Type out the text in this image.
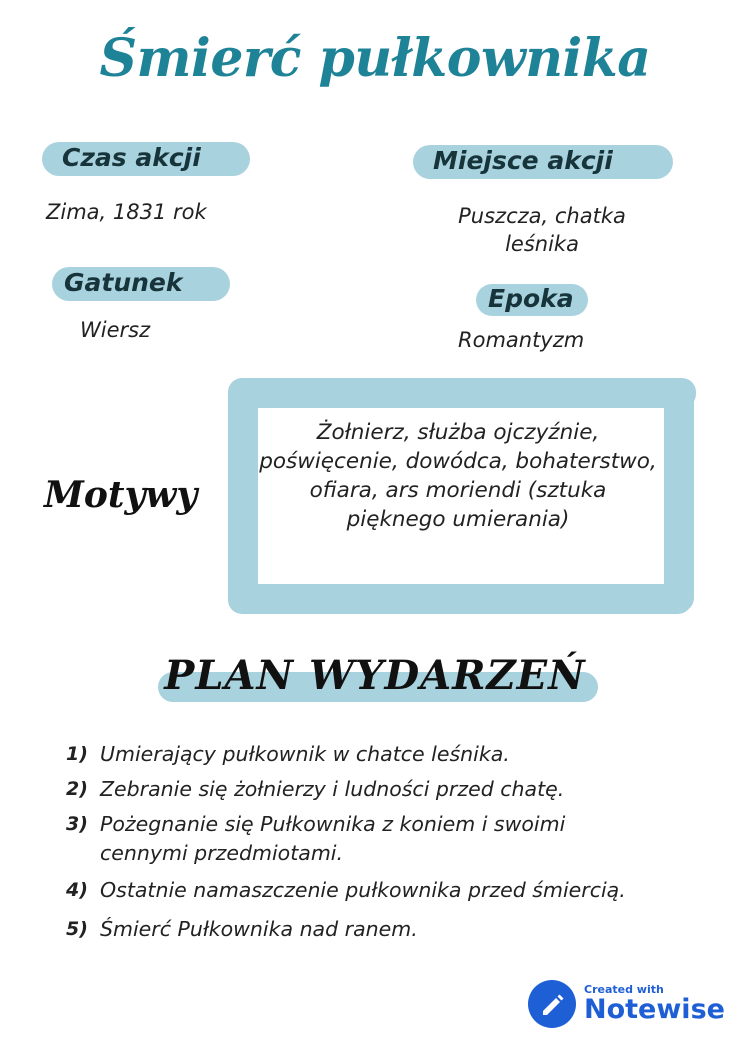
Śmierć pułkownika
Czas akcji
Zima, 1831 rok
Miejsce akcji
Puszcza, chatka leśnika
Gatunek
Wiersz
Epoka
Romantyzm
Motywy
Żołnierz, służba ojczyźnie, poświęcenie, dowódca, bohaterstwo, ofiara, ars moriendi (sztuka pięknego umierania)
PLAN WYDARZEŃ
1) Umierający pułkownik w chatce leśnika.
2) Zebranie się żołnierzy i ludności przed chatę.
3) Pożegnanie się Pułkownika z koniem i swoimi cennymi przedmiotami.
4) Ostatnie namaszczenie pułkownika przed śmiercią.
5) Śmierć Pułkownika nad ranem.
Created with
Notewise
